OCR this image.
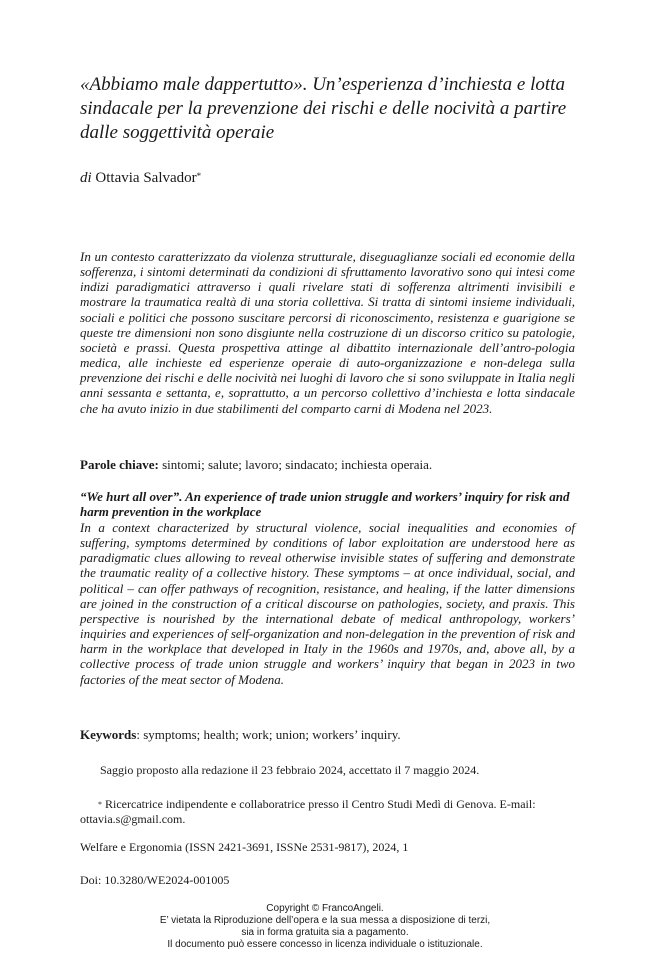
«Abbiamo male dappertutto». Un’esperienza d’inchiesta e lotta sindacale per la prevenzione dei rischi e delle nocività a partire dalle soggettività operaie
di Ottavia Salvador*

In un contesto caratterizzato da violenza strutturale, diseguaglianze sociali ed economie della sofferenza, i sintomi determinati da condizioni di sfruttamento lavorativo sono qui intesi come indizi paradigmatici attraverso i quali rivelare stati di sofferenza altrimenti invisibili e mostrare la traumatica realtà di una storia collettiva. Si tratta di sintomi insieme individuali, sociali e politici che possono suscitare percorsi di riconoscimento, resistenza e guarigione se queste tre dimensioni non sono disgiunte nella costruzione di un discorso critico su patologie, società e prassi. Questa prospettiva attinge al dibattito internazionale dell’antro-pologia medica, alle inchieste ed esperienze operaie di auto-organizzazione e non-delega sulla prevenzione dei rischi e delle nocività nei luoghi di lavoro che si sono sviluppate in Italia negli anni sessanta e settanta, e, soprattutto, a un percorso collettivo d’inchiesta e lotta sindacale che ha avuto inizio in due stabilimenti del comparto carni di Modena nel 2023.

Parole chiave: sintomi; salute; lavoro; sindacato; inchiesta operaia.
“We hurt all over”. An experience of trade union struggle and workers’ inquiry for risk and harm prevention in the workplace

In a context characterized by structural violence, social inequalities and economies of suffering, symptoms determined by conditions of labor exploitation are understood here as paradigmatic clues allowing to reveal otherwise invisible states of suffering and demonstrate the traumatic reality of a collective history. These symptoms – at once individual, social, and political – can offer pathways of recognition, resistance, and healing, if the latter dimensions are joined in the construction of a critical discourse on pathologies, society, and praxis. This perspective is nourished by the international debate of medical anthropology, workers’ inquiries and experiences of self-organization and non-delegation in the prevention of risk and harm in the workplace that developed in Italy in the 1960s and 1970s, and, above all, by a collective process of trade union struggle and workers’ inquiry that began in 2023 in two factories of the meat sector of Modena.

Keywords: symptoms; health; work; union; workers’ inquiry.
Saggio proposto alla redazione il 23 febbraio 2024, accettato il 7 maggio 2024.
* Ricercatrice indipendente e collaboratrice presso il Centro Studi Medì di Genova. E-mail: ottavia.s@gmail.com.
Welfare e Ergonomia (ISSN 2421-3691, ISSNe 2531-9817), 2024, 1
Doi: 10.3280/WE2024-001005
Copyright © FrancoAngeli.
E’ vietata la Riproduzione dell’opera e la sua messa a disposizione di terzi,
sia in forma gratuita sia a pagamento.
Il documento può essere concesso in licenza individuale o istituzionale.
